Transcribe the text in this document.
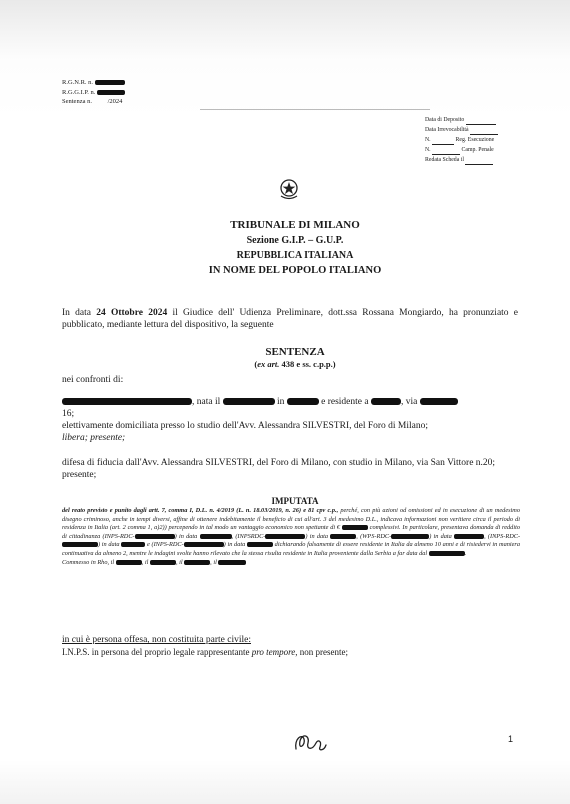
R.G.N.R. n.
R.G.G.I.P. n.
Sentenza n. /2024
Data di Deposito
Data Irrevocabilità
N.	Reg. Esecuzione
N.	Camp. Penale
Redata Scheda il
TRIBUNALE DI MILANO
Sezione G.I.P. – G.U.P.
REPUBBLICA ITALIANA
IN NOME DEL POPOLO ITALIANO
In data 24 Ottobre 2024 il Giudice dell' Udienza Preliminare, dott.ssa Rossana Mongiardo, ha pronunziato e pubblicato, mediante lettura del dispositivo, la seguente
SENTENZA
(ex art. 438 e ss. c.p.p.)
nei confronti di:
, nata il	in	e residente a	, via
16;
elettivamente domiciliata presso lo studio dell'Avv. Alessandra SILVESTRI, del Foro di Milano;
libera; presente;
difesa di fiducia dall'Avv. Alessandra SILVESTRI, del Foro di Milano, con studio in Milano, via San Vittore n.20; presente;
IMPUTATA
del reato previsto e punito dagli artt. 7, comma I, D.L. n. 4/2019 (L. n. 18.03/2019, n. 26) e 81 cpv c.p., perché, con più azioni od omissioni ed in esecuzione di un medesimo disegno criminoso, anche in tempi diversi, affine di ottenere indebitamente il beneficio di cui all'art. 3 del medesimo D.L., indicava informazioni non veritiere circa il periodo di residenza in Italia (art. 2 comma 1, a)2)) percependo in tal modo un vantaggio economico non spettante di €	complessivi. In particolare, presentava domanda di reddito di cittadinanza (INPS-RDC-	) in data	, (INPSRDC-	) in data	, (WPS-RDC-	) in data	, (INPS-RDC-) in data	e (INPS-RDC-	) in data	dichiarando falsamente di essere residente in Italia da almeno 10 anni e di risiedervi in maniera continuativa da almeno 2, mentre le indagini svolte hanno rilevato che la stessa risulta residente in Italia proveniente dalla Serbia a far data dal	.
Commesso in Rho, il	, il	, il	, il
in cui è persona offesa, non costituita parte civile:
I.N.P.S. in persona del proprio legale rappresentante pro tempore, non presente;
1
